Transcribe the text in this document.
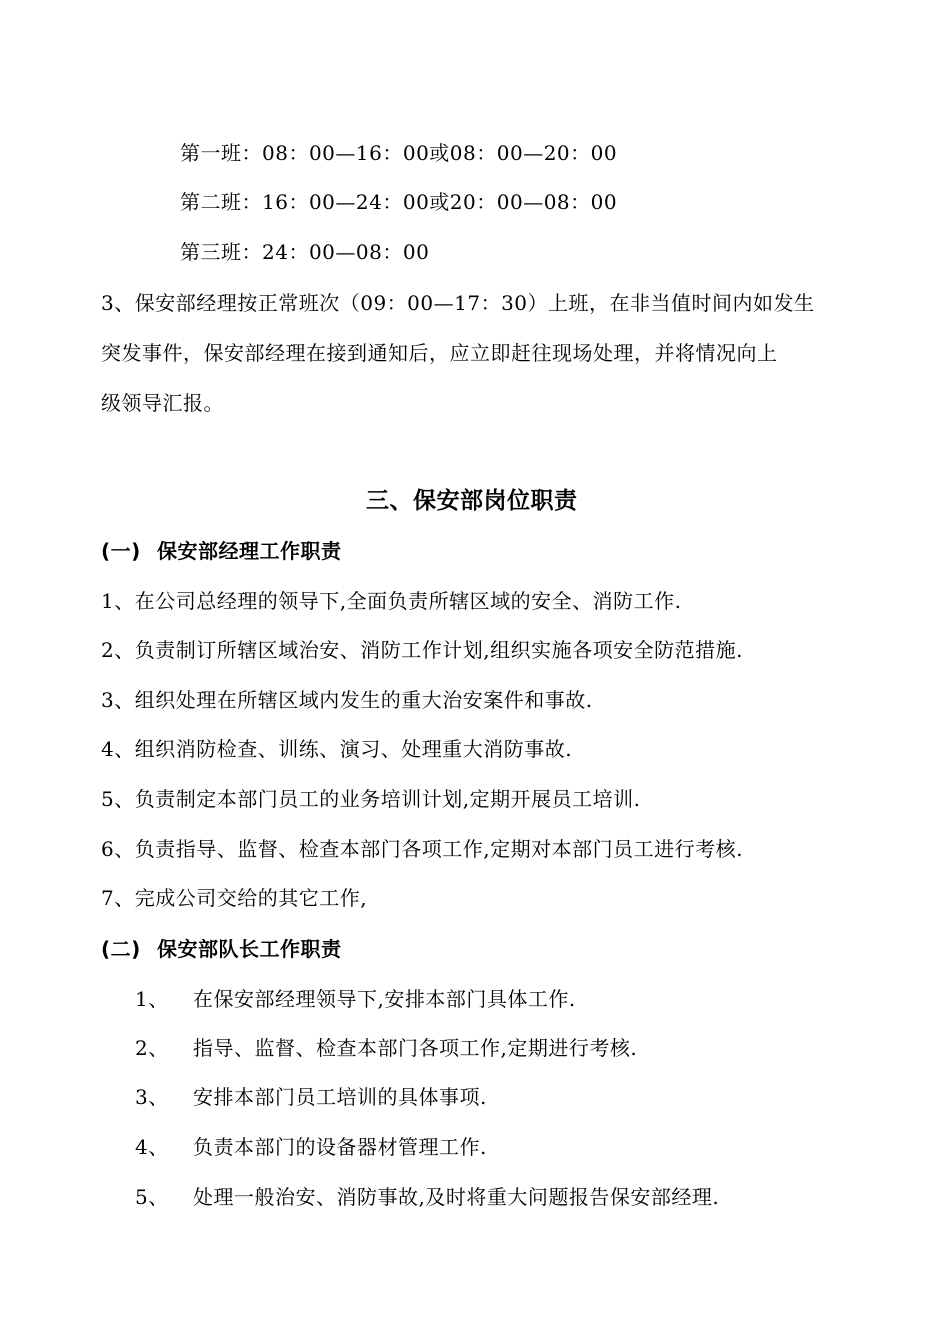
第一班：08：00—16：00或08：00—20：00
第二班：16：00—24：00或20：00—08：00
第三班：24：00—08：00
3、保安部经理按正常班次（09：00—17：30）上班，在非当值时间内如发生
突发事件，保安部经理在接到通知后，应立即赶往现场处理，并将情况向上
级领导汇报。
三、保安部岗位职责
(一) 保安部经理工作职责
1、在公司总经理的领导下,全面负责所辖区域的安全、消防工作.
2、负责制订所辖区域治安、消防工作计划,组织实施各项安全防范措施.
3、组织处理在所辖区域内发生的重大治安案件和事故.
4、组织消防检查、训练、演习、处理重大消防事故.
5、负责制定本部门员工的业务培训计划,定期开展员工培训.
6、负责指导、监督、检查本部门各项工作,定期对本部门员工进行考核.
7、完成公司交给的其它工作,
(二) 保安部队长工作职责
1、 在保安部经理领导下,安排本部门具体工作.
2、 指导、监督、检查本部门各项工作,定期进行考核.
3、 安排本部门员工培训的具体事项.
4、 负责本部门的设备器材管理工作.
5、 处理一般治安、消防事故,及时将重大问题报告保安部经理.
